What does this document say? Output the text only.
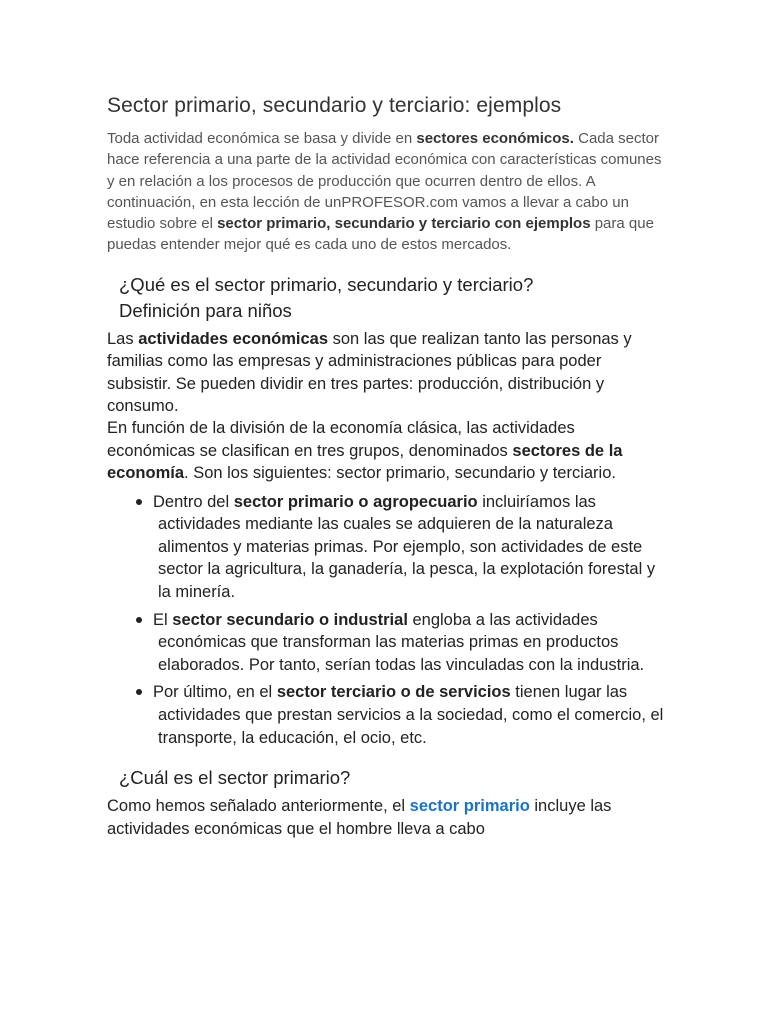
Sector primario, secundario y terciario: ejemplos

Toda actividad económica se basa y divide en sectores económicos. Cada sector hace referencia a una parte de la actividad económica con características comunes y en relación a los procesos de producción que ocurren dentro de ellos. A continuación, en esta lección de unPROFESOR.com vamos a llevar a cabo un estudio sobre el sector primario, secundario y terciario con ejemplos para que puedas entender mejor qué es cada uno de estos mercados.

¿Qué es el sector primario, secundario y terciario?
Definición para niños

Las actividades económicas son las que realizan tanto las personas y familias como las empresas y administraciones públicas para poder subsistir. Se pueden dividir en tres partes: producción, distribución y consumo.

En función de la división de la economía clásica, las actividades económicas se clasifican en tres grupos, denominados sectores de la economía. Son los siguientes: sector primario, secundario y terciario.

Dentro del sector primario o agropecuario incluiríamos las actividades mediante las cuales se adquieren de la naturaleza alimentos y materias primas. Por ejemplo, son actividades de este sector la agricultura, la ganadería, la pesca, la explotación forestal y la minería.
El sector secundario o industrial engloba a las actividades económicas que transforman las materias primas en productos elaborados. Por tanto, serían todas las vinculadas con la industria.
Por último, en el sector terciario o de servicios tienen lugar las actividades que prestan servicios a la sociedad, como el comercio, el transporte, la educación, el ocio, etc.
¿Cuál es el sector primario?

Como hemos señalado anteriormente, el sector primario incluye las actividades económicas que el hombre lleva a cabo
